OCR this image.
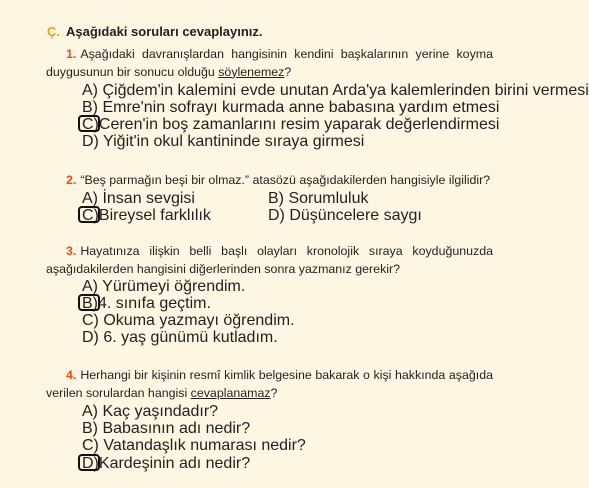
Ç. Aşağıdaki soruları cevaplayınız.
1. Aşağıdaki davranışlardan hangisinin kendini başkalarının yerine koyma duygusunun bir sonucu olduğu söylenemez?
A) Çiğdem'in kalemini evde unutan Arda'ya kalemlerinden birini vermesi
B) Emre'nin sofrayı kurmada anne babasına yardım etmesi
C)Ceren'in boş zamanlarını resim yaparak değerlendirmesi
D) Yiğit'in okul kantininde sıraya girmesi
2. “Beş parmağın beşi bir olmaz.” atasözü aşağıdakilerden hangisiyle ilgilidir?
A) İnsan sevgisi	B) Sorumluluk
C)Bireysel farklılık	D) Düşüncelere saygı
3. Hayatınıza ilişkin belli başlı olayları kronolojik sıraya koyduğunuzda aşağıdakilerden hangisini diğerlerinden sonra yazmanız gerekir?
A) Yürümeyi öğrendim.
B)4. sınıfa geçtim.
C) Okuma yazmayı öğrendim.
D) 6. yaş günümü kutladım.
4. Herhangi bir kişinin resmî kimlik belgesine bakarak o kişi hakkında aşağıda verilen sorulardan hangisi cevaplanamaz?
A) Kaç yaşındadır?
B) Babasının adı nedir?
C) Vatandaşlık numarası nedir?
D)Kardeşinin adı nedir?
